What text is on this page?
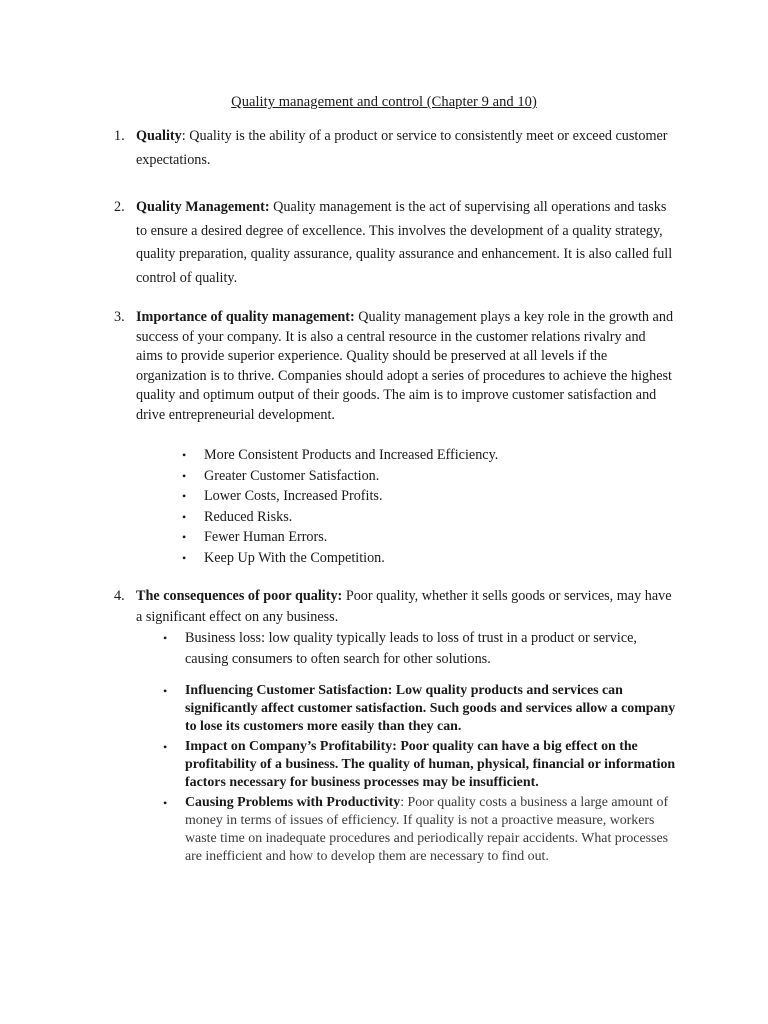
Quality management and control (Chapter 9 and 10)
1. Quality: Quality is the ability of a product or service to consistently meet or exceed customer expectations.
2. Quality Management: Quality management is the act of supervising all operations and tasks to ensure a desired degree of excellence. This involves the development of a quality strategy, quality preparation, quality assurance, quality assurance and enhancement. It is also called full control of quality.
3. Importance of quality management: Quality management plays a key role in the growth and success of your company. It is also a central resource in the customer relations rivalry and aims to provide superior experience. Quality should be preserved at all levels if the organization is to thrive. Companies should adopt a series of procedures to achieve the highest quality and optimum output of their goods. The aim is to improve customer satisfaction and drive entrepreneurial development.
• More Consistent Products and Increased Efficiency.
• Greater Customer Satisfaction.
• Lower Costs, Increased Profits.
• Reduced Risks.
• Fewer Human Errors.
• Keep Up With the Competition.
4. The consequences of poor quality: Poor quality, whether it sells goods or services, may have a significant effect on any business.
• Business loss: low quality typically leads to loss of trust in a product or service, causing consumers to often search for other solutions.
• Influencing Customer Satisfaction: Low quality products and services can significantly affect customer satisfaction. Such goods and services allow a company to lose its customers more easily than they can.
• Impact on Company’s Profitability: Poor quality can have a big effect on the profitability of a business. The quality of human, physical, financial or information factors necessary for business processes may be insufficient.
• Causing Problems with Productivity: Poor quality costs a business a large amount of money in terms of issues of efficiency. If quality is not a proactive measure, workers waste time on inadequate procedures and periodically repair accidents. What processes are inefficient and how to develop them are necessary to find out.
